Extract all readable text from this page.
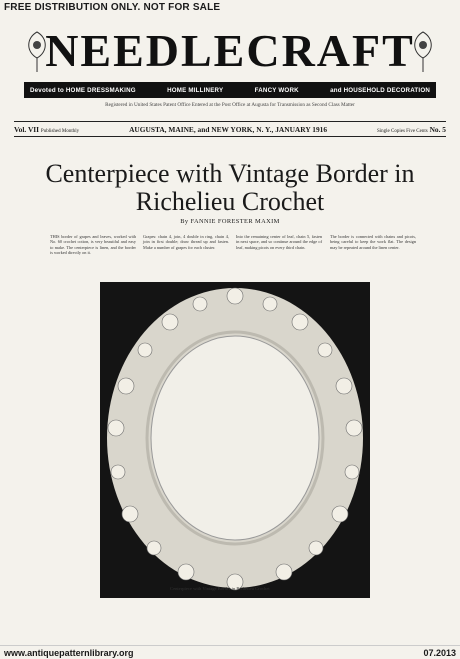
FREE DISTRIBUTION ONLY. NOT FOR SALE
NEEDLECRAFT
Devoted to HOME DRESSMAKING	HOME MILLINERY	FANCY WORK	and HOUSEHOLD DECORATION
Registered in United States Patent Office Entered at the Post Office at Augusta for Transmission as Second Class Matter
Vol. VII Published Monthly	AUGUSTA, MAINE, and NEW YORK, N. Y., JANUARY 1916	Single Copies Five Cents No. 5
Centerpiece with Vintage Border in
Richelieu Crochet
By FANNIE FORESTER MAXIM
THIS border of grapes and leaves, worked with No. 60 crochet cotton, is very beautiful and easy to make. The centerpiece is linen, and the border is worked directly on it.
Grapes: chain 4, join, 4 double in ring, chain 4, join in first double; draw thread up and fasten. Make a number of grapes for each cluster.
Into the remaining center of leaf, chain 5, fasten in next space, and so continue around the edge of leaf, making picots on every third chain.
The border is connected with chains and picots, being careful to keep the work flat. The design may be repeated around the linen center.
Centerpiece with Vintage Border in Richelieu Crochet
www.antiquepatternlibrary.org	07.2013
